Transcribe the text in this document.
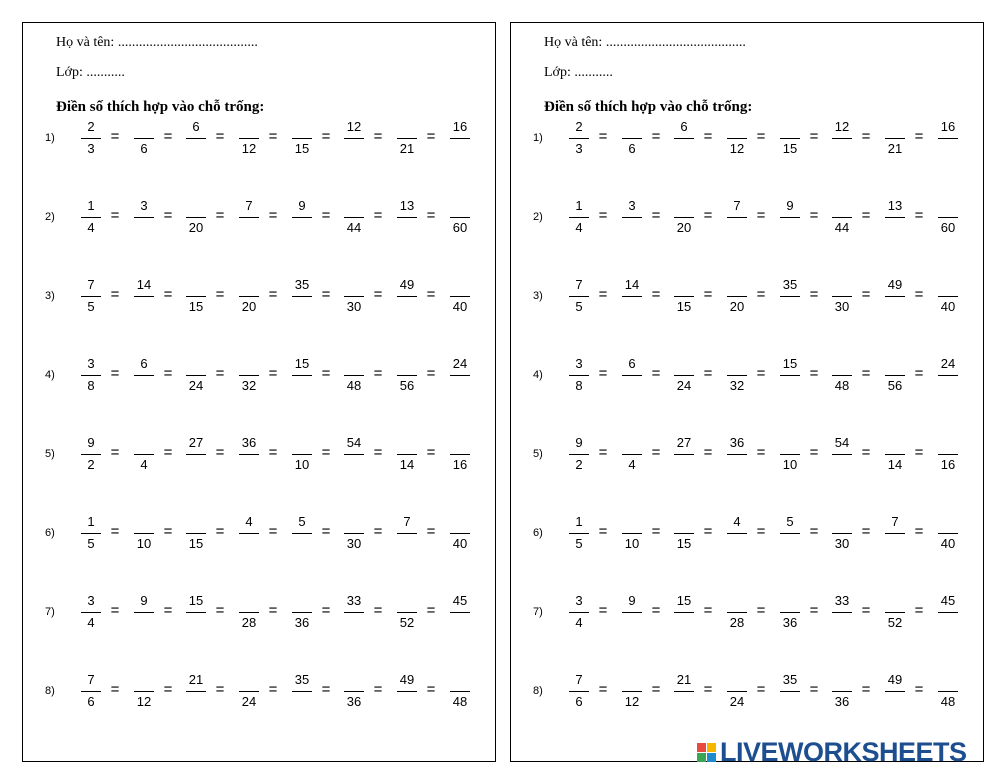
Họ và tên: ........................................
Lớp: ...........
Điền số thích hợp vào chỗ trống:
1)
2
3
=
6
=
6
=
12
=
15
=
12
=
21
=
16
2)
1
4
=
3
=
20
=
7
=
9
=
44
=
13
=
60
3)
7
5
=
14
=
15
=
20
=
35
=
30
=
49
=
40
4)
3
8
=
6
=
24
=
32
=
15
=
48
=
56
=
24
5)
9
2
=
4
=
27
=
36
=
10
=
54
=
14
=
16
6)
1
5
=
10
=
15
=
4
=
5
=
30
=
7
=
40
7)
3
4
=
9
=
15
=
28
=
36
=
33
=
52
=
45
8)
7
6
=
12
=
21
=
24
=
35
=
36
=
49
=
48
Họ và tên: ........................................
Lớp: ...........
Điền số thích hợp vào chỗ trống:
1)
2
3
=
6
=
6
=
12
=
15
=
12
=
21
=
16
2)
1
4
=
3
=
20
=
7
=
9
=
44
=
13
=
60
3)
7
5
=
14
=
15
=
20
=
35
=
30
=
49
=
40
4)
3
8
=
6
=
24
=
32
=
15
=
48
=
56
=
24
5)
9
2
=
4
=
27
=
36
=
10
=
54
=
14
=
16
6)
1
5
=
10
=
15
=
4
=
5
=
30
=
7
=
40
7)
3
4
=
9
=
15
=
28
=
36
=
33
=
52
=
45
8)
7
6
=
12
=
21
=
24
=
35
=
36
=
49
=
48
LIVEWORKSHEETS
